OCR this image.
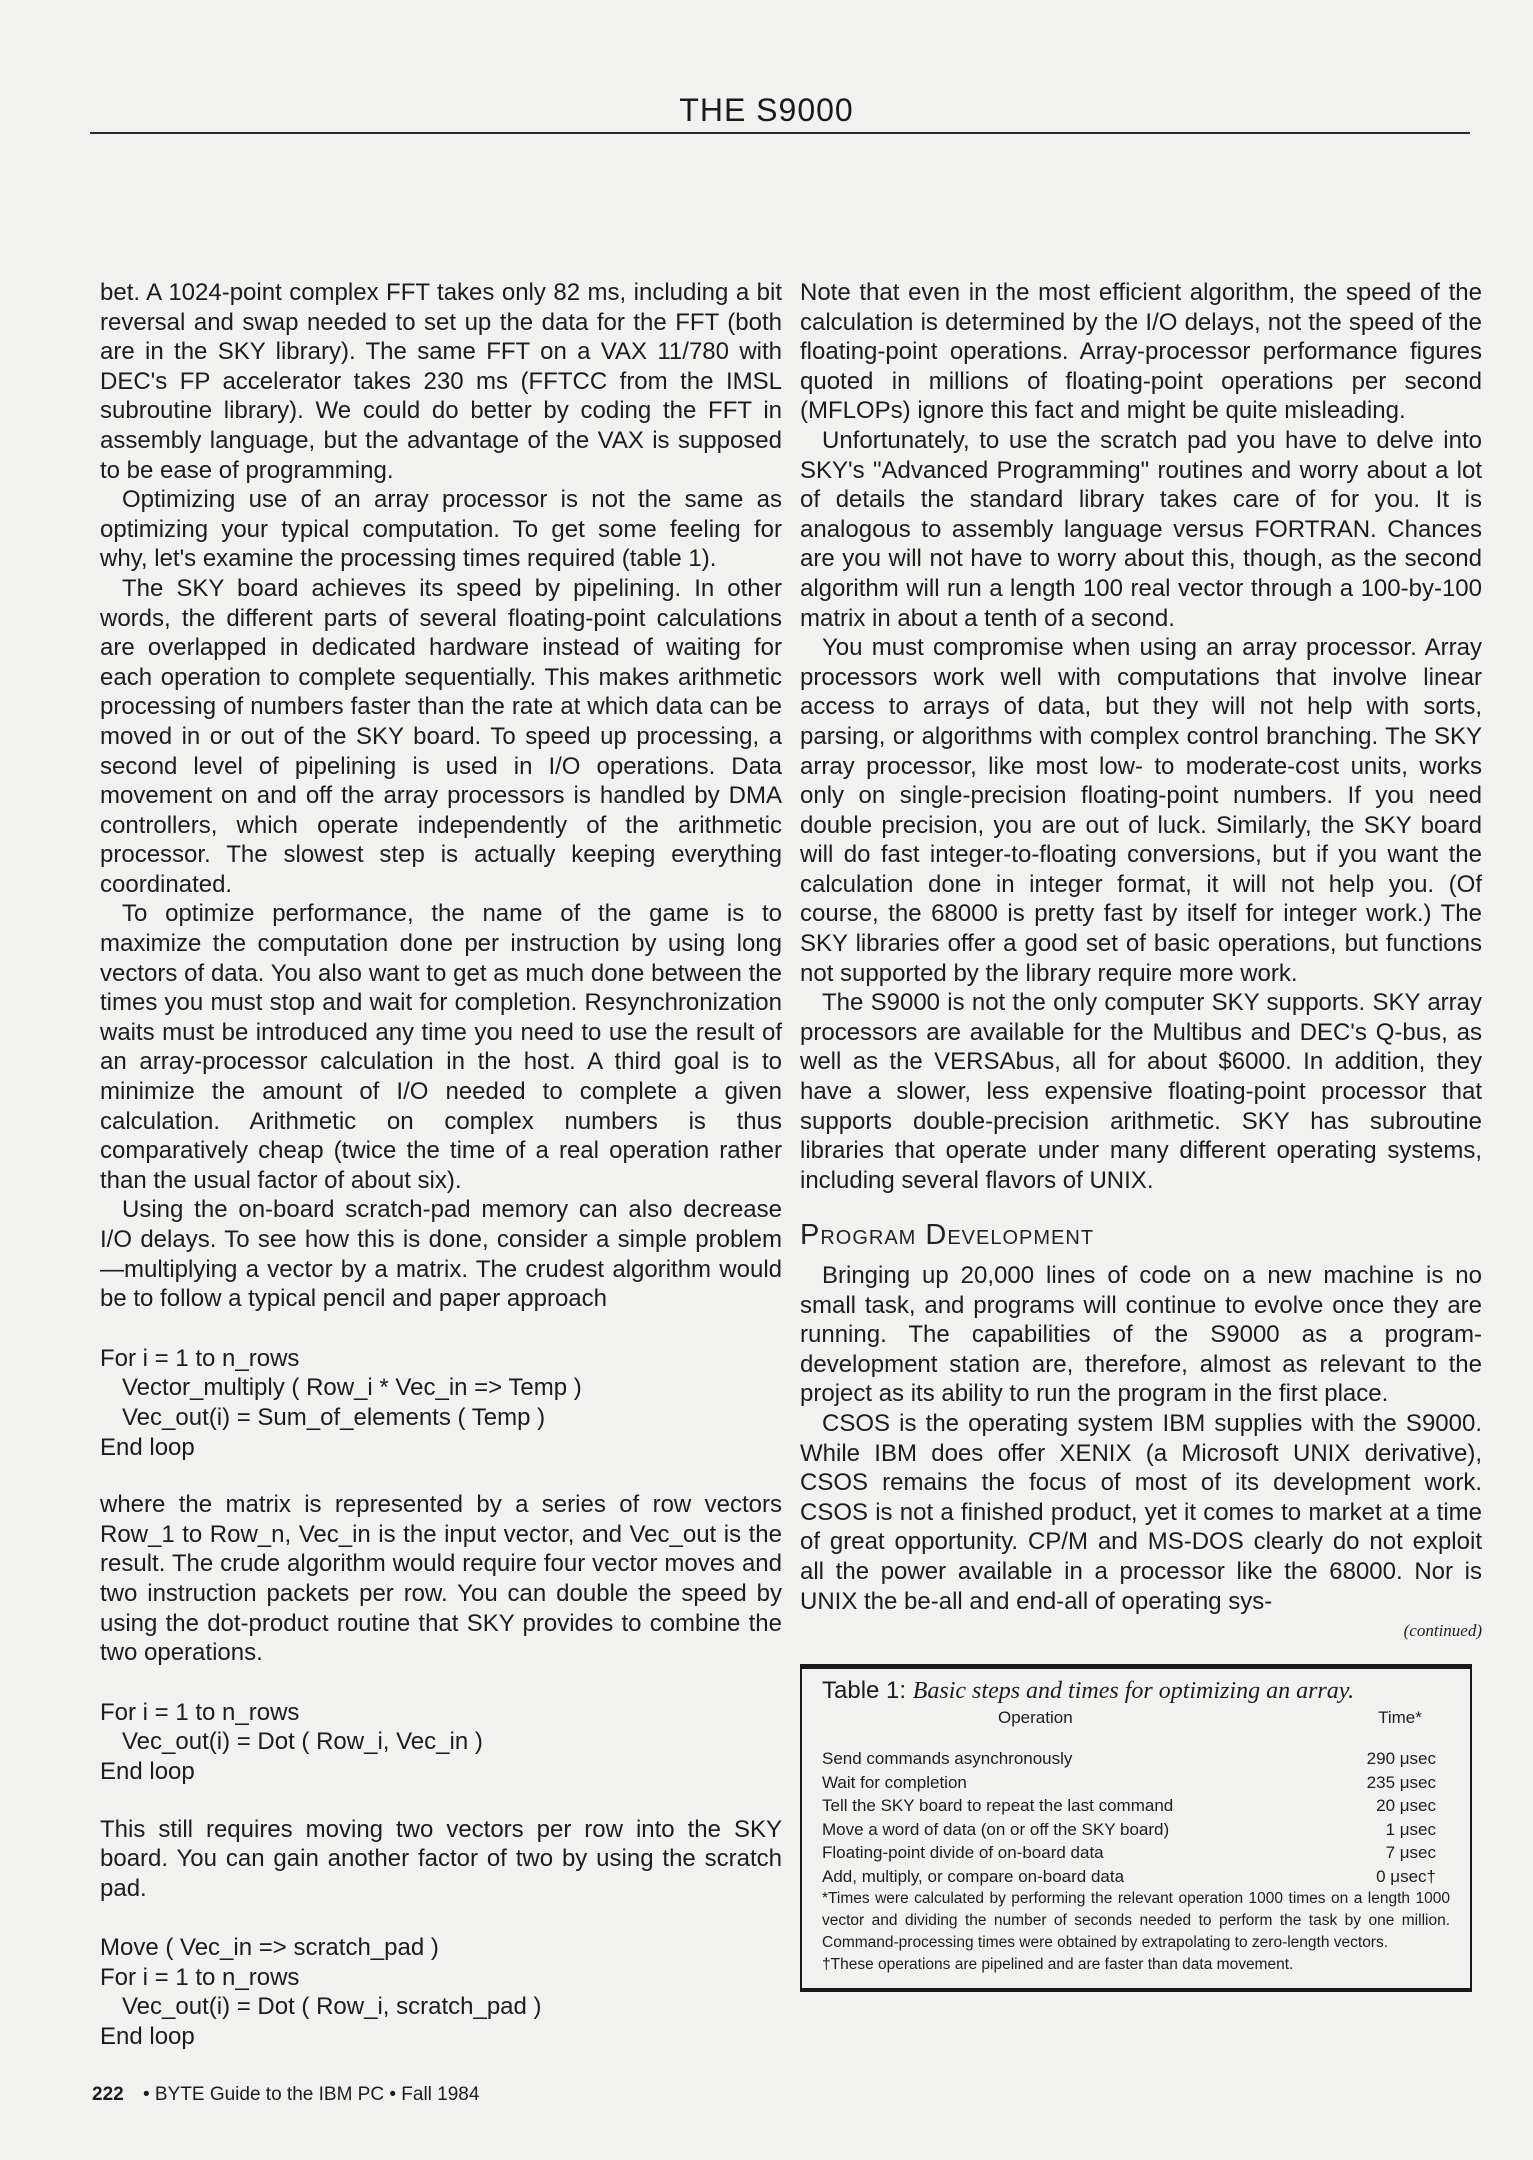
THE S9000

bet. A 1024-point complex FFT takes only 82 ms, including a bit reversal and swap needed to set up the data for the FFT (both are in the SKY library). The same FFT on a VAX 11/780 with DEC's FP accelerator takes 230 ms (FFTCC from the IMSL subroutine library). We could do better by coding the FFT in assembly language, but the advantage of the VAX is supposed to be ease of programming.

Optimizing use of an array processor is not the same as optimizing your typical computation. To get some feeling for why, let's examine the processing times required (table 1).

The SKY board achieves its speed by pipelining. In other words, the different parts of several floating-point calculations are overlapped in dedicated hardware instead of waiting for each operation to complete sequentially. This makes arithmetic processing of numbers faster than the rate at which data can be moved in or out of the SKY board. To speed up processing, a second level of pipelining is used in I/O operations. Data movement on and off the array processors is handled by DMA controllers, which operate independently of the arithmetic processor. The slowest step is actually keeping everything coordinated.

To optimize performance, the name of the game is to maximize the computation done per instruction by using long vectors of data. You also want to get as much done between the times you must stop and wait for completion. Resynchronization waits must be introduced any time you need to use the result of an array-processor calculation in the host. A third goal is to minimize the amount of I/O needed to complete a given calculation. Arithmetic on complex numbers is thus comparatively cheap (twice the time of a real operation rather than the usual factor of about six).

Using the on-board scratch-pad memory can also decrease I/O delays. To see how this is done, consider a simple problem—multiplying a vector by a matrix. The crudest algorithm would be to follow a typical pencil and paper approach

For i = 1 to n_rows
Vector_multiply ( Row_i * Vec_in => Temp )
Vec_out(i) = Sum_of_elements ( Temp )
End loop

where the matrix is represented by a series of row vectors Row_1 to Row_n, Vec_in is the input vector, and Vec_out is the result. The crude algorithm would require four vector moves and two instruction packets per row. You can double the speed by using the dot-product routine that SKY provides to combine the two operations.

For i = 1 to n_rows
Vec_out(i) = Dot ( Row_i, Vec_in )
End loop

This still requires moving two vectors per row into the SKY board. You can gain another factor of two by using the scratch pad.

Move ( Vec_in => scratch_pad )
For i = 1 to n_rows
Vec_out(i) = Dot ( Row_i, scratch_pad )
End loop

Note that even in the most efficient algorithm, the speed of the calculation is determined by the I/O delays, not the speed of the floating-point operations. Array-processor performance figures quoted in millions of floating-point operations per second (MFLOPs) ignore this fact and might be quite misleading.

Unfortunately, to use the scratch pad you have to delve into SKY's "Advanced Programming" routines and worry about a lot of details the standard library takes care of for you. It is analogous to assembly language versus FORTRAN. Chances are you will not have to worry about this, though, as the second algorithm will run a length 100 real vector through a 100-by-100 matrix in about a tenth of a second.

You must compromise when using an array processor. Array processors work well with computations that involve linear access to arrays of data, but they will not help with sorts, parsing, or algorithms with complex control branching. The SKY array processor, like most low- to moderate-cost units, works only on single-precision floating-point numbers. If you need double precision, you are out of luck. Similarly, the SKY board will do fast integer-to-floating conversions, but if you want the calculation done in integer format, it will not help you. (Of course, the 68000 is pretty fast by itself for integer work.) The SKY libraries offer a good set of basic operations, but functions not supported by the library require more work.

The S9000 is not the only computer SKY supports. SKY array processors are available for the Multibus and DEC's Q-bus, as well as the VERSAbus, all for about $6000. In addition, they have a slower, less expensive floating-point processor that supports double-precision arithmetic. SKY has subroutine libraries that operate under many different operating systems, including several flavors of UNIX.

Program Development

Bringing up 20,000 lines of code on a new machine is no small task, and programs will continue to evolve once they are running. The capabilities of the S9000 as a program-development station are, therefore, almost as relevant to the project as its ability to run the program in the first place.

CSOS is the operating system IBM supplies with the S9000. While IBM does offer XENIX (a Microsoft UNIX derivative), CSOS remains the focus of most of its development work. CSOS is not a finished product, yet it comes to market at a time of great opportunity. CP/M and MS-DOS clearly do not exploit all the power available in a processor like the 68000. Nor is UNIX the be-all and end-all of operating sys-

(continued)
Table 1: Basic steps and times for optimizing an array.
Operation	Time*
Send commands asynchronously	290 μsec
Wait for completion	235 μsec
Tell the SKY board to repeat the last command	20 μsec
Move a word of data (on or off the SKY board)	1 μsec
Floating-point divide of on-board data	7 μsec
Add, multiply, or compare on-board data	0 μsec†

*Times were calculated by performing the relevant operation 1000 times on a length 1000 vector and dividing the number of seconds needed to perform the task by one million. Command-processing times were obtained by extrapolating to zero-length vectors.

†These operations are pipelined and are faster than data movement.

222 • BYTE Guide to the IBM PC • Fall 1984
